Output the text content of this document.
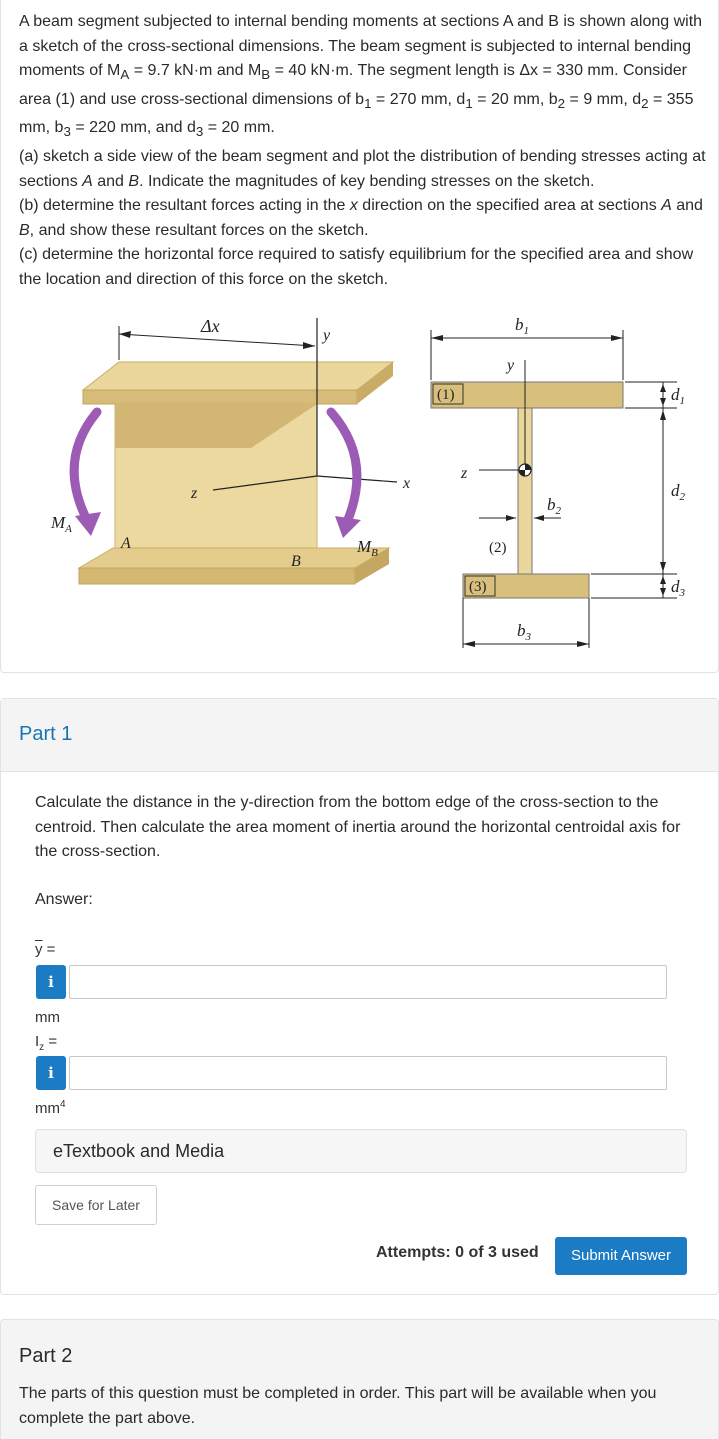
A beam segment subjected to internal bending moments at sections A and B is shown along with a sketch of the cross-sectional dimensions. The beam segment is subjected to internal bending moments of $M_A = 9.7$ kN·m and $M_B = 40$ kN·m. The segment length is Δx = 330 mm. Consider area (1) and use cross-sectional dimensions of $b_1 = 270$ mm, $d_1 = 20$ mm, $b_2 = 9$ mm, $d_2 = 355$ mm, $b_3 = 220$ mm, and $d_3 = 20$ mm.

(a) sketch a side view of the beam segment and plot the distribution of bending stresses acting at sections A and B. Indicate the magnitudes of key bending stresses on the sketch.

(b) determine the resultant forces acting in the x direction on the specified area at sections A and B, and show these resultant forces on the sketch.

(c) determine the horizontal force required to satisfy equilibrium for the specified area and show the location and direction of this force on the sketch.

Δx	y
x
z
$M_A$
$M_B$
A
B
$b_1$
(1)
(3)
(2)
y
z
$b_2$
$b_3$
$d_1$
$d_2$
$d_3$
Part 1
Calculate the distance in the y-direction from the bottom edge of the cross-section to the centroid. Then calculate the area moment of inertia around the horizontal centroidal axis for the cross-section.
Answer:
$\overline{y}$ =
i
mm
$I_z$ =
i
$mm^4$
eTextbook and Media
Save for Later
Attempts: 0 of 3 used	Submit Answer
Part 2
The parts of this question must be completed in order. This part will be available when you complete the part above.
